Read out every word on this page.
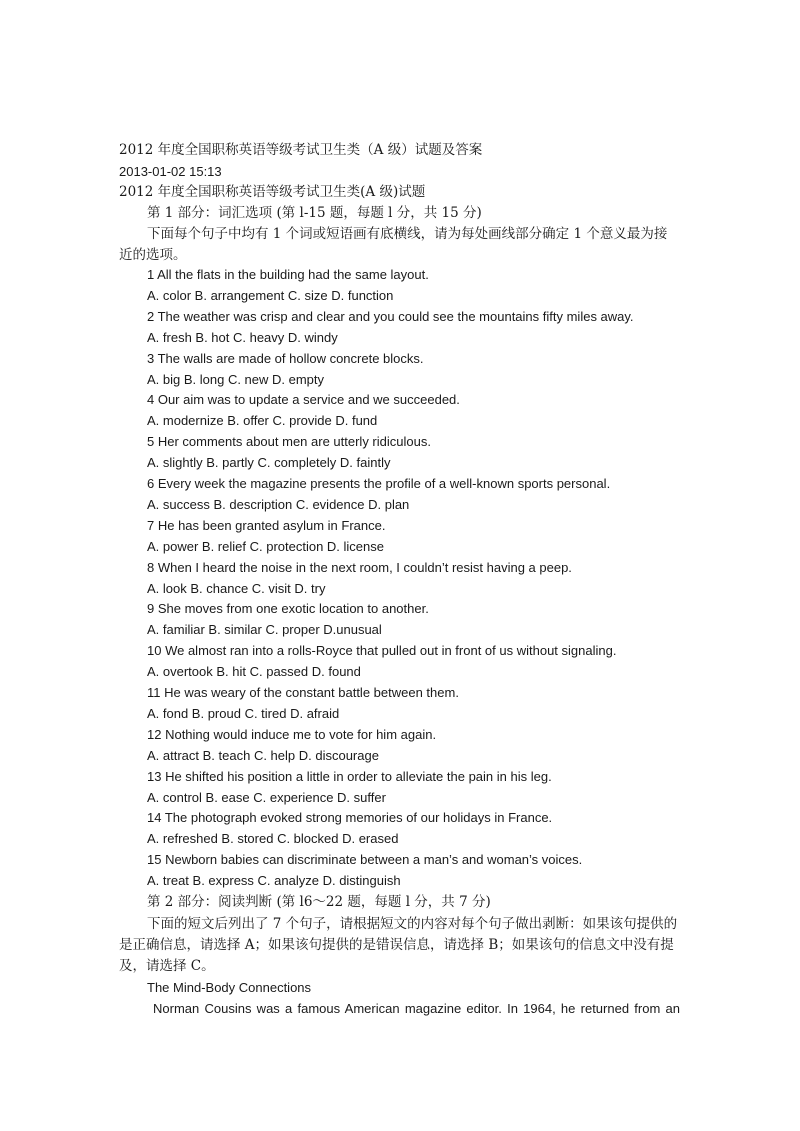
2012 年度全国职称英语等级考试卫生类（A 级）试题及答案
2013-01-02 15:13
2012 年度全国职称英语等级考试卫生类(A 级)试题
第 1 部分：词汇选项 (第 l-15 题，每题 l 分，共 15 分)
下面每个句子中均有 1 个词或短语画有底横线，请为每处画线部分确定 1 个意义最为接近的选项。
1 All the flats in the building had the same layout.
A. color B. arrangement C. size D. function
2 The weather was crisp and clear and you could see the mountains fifty miles away.
A. fresh B. hot C. heavy D. windy
3 The walls are made of hollow concrete blocks.
A. big B. long C. new D. empty
4 Our aim was to update a service and we succeeded.
A. modernize B. offer C. provide D. fund
5 Her comments about men are utterly ridiculous.
A. slightly B. partly C. completely D. faintly
6 Every week the magazine presents the profile of a well-known sports personal.
A. success B. description C. evidence D. plan
7 He has been granted asylum in France.
A. power B. relief C. protection D. license
8 When I heard the noise in the next room, I couldn’t resist having a peep.
A. look B. chance C. visit D. try
9 She moves from one exotic location to another.
A. familiar B. similar C. proper D.unusual
10 We almost ran into a rolls-Royce that pulled out in front of us without signaling.
A. overtook B. hit C. passed D. found
11 He was weary of the constant battle between them.
A. fond B. proud C. tired D. afraid
12 Nothing would induce me to vote for him again.
A. attract B. teach C. help D. discourage
13 He shifted his position a little in order to alleviate the pain in his leg.
A. control B. ease C. experience D. suffer
14 The photograph evoked strong memories of our holidays in France.
A. refreshed B. stored C. blocked D. erased
15 Newborn babies can discriminate between a man’s and woman’s voices.
A. treat B. express C. analyze D. distinguish
第 2 部分：阅读判断 (第 l6～22 题，每题 l 分，共 7 分)
下面的短文后列出了 7 个句子，请根据短文的内容对每个句子做出剥断：如果该句提供的是正确信息，请选择 A；如果该句提供的是错误信息，请选择 B；如果该句的信息文中没有提及，请选择 C。
The Mind-Body Connections
Norman Cousins was a famous American magazine editor. In 1964, he returned from an
